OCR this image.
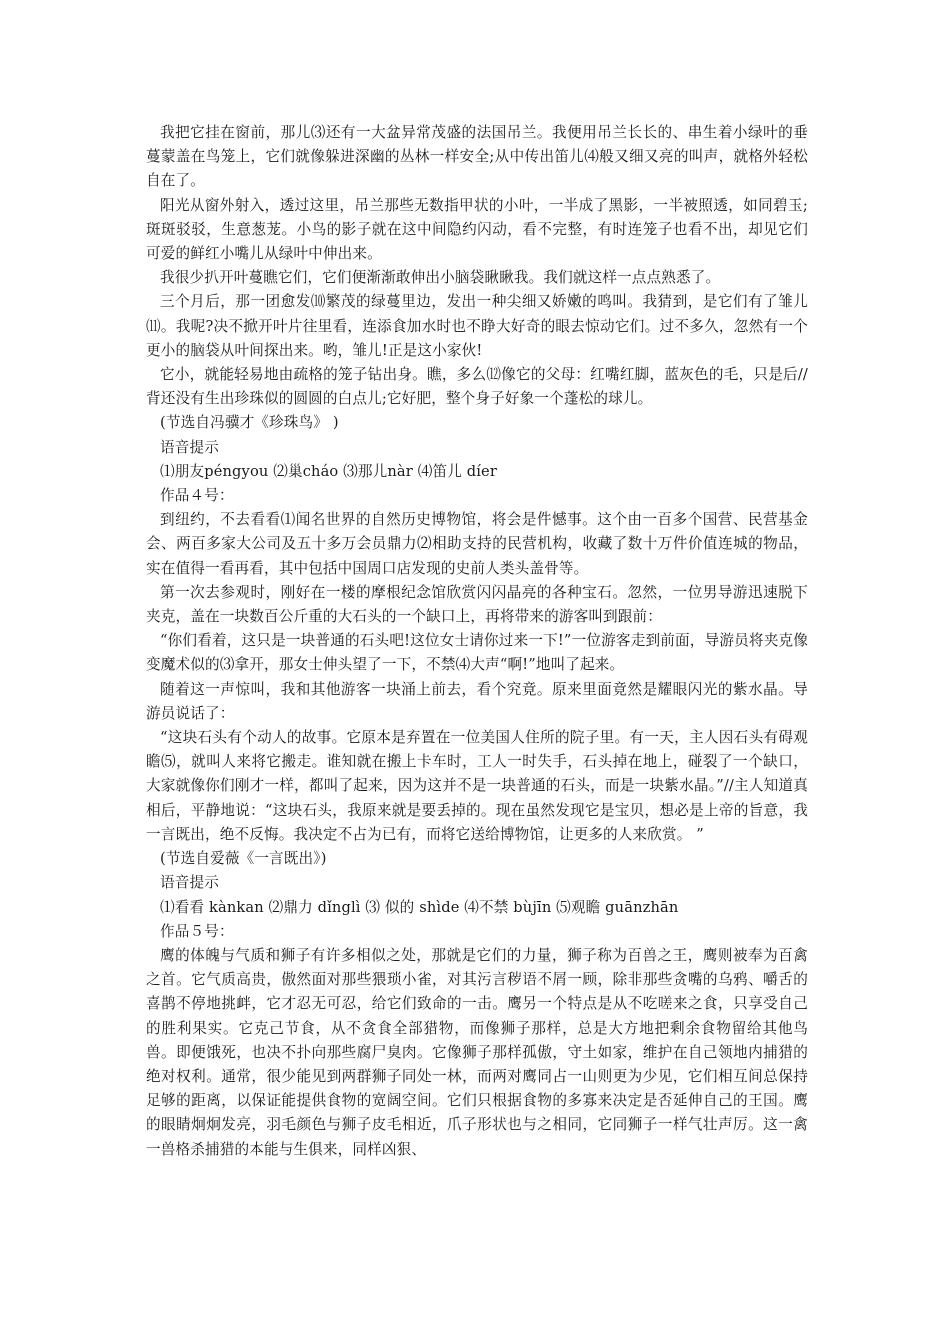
我把它挂在窗前，那儿⑶还有一大盆异常茂盛的法国吊兰。我便用吊兰长长的、串生着小绿叶的垂蔓蒙盖在鸟笼上，它们就像躲进深幽的丛林一样安全;从中传出笛儿⑷般又细又亮的叫声，就格外轻松自在了。

阳光从窗外射入，透过这里，吊兰那些无数指甲状的小叶，一半成了黑影，一半被照透，如同碧玉;斑斑驳驳，生意葱茏。小鸟的影子就在这中间隐约闪动，看不完整，有时连笼子也看不出，却见它们可爱的鲜红小嘴儿从绿叶中伸出来。

我很少扒开叶蔓瞧它们，它们便渐渐敢伸出小脑袋瞅瞅我。我们就这样一点点熟悉了。

三个月后，那一团愈发⑽繁茂的绿蔓里边，发出一种尖细又娇嫩的鸣叫。我猜到，是它们有了雏儿⑾。我呢?决不掀开叶片往里看，连添食加水时也不睁大好奇的眼去惊动它们。过不多久，忽然有一个更小的脑袋从叶间探出来。哟，雏儿!正是这小家伙!

它小，就能轻易地由疏格的笼子钻出身。瞧，多么⑿像它的父母：红嘴红脚，蓝灰色的毛，只是后//背还没有生出珍珠似的圆圆的白点儿;它好肥，整个身子好象一个蓬松的球儿。

(节选自冯骥才《珍珠鸟》 )

语音提示

⑴朋友péngyou ⑵巢cháo ⑶那儿nàr ⑷笛儿 díer

作品４号：

到纽约，不去看看⑴闻名世界的自然历史博物馆，将会是件憾事。这个由一百多个国营、民营基金会、两百多家大公司及五十多万会员鼎力⑵相助支持的民营机构，收藏了数十万件价值连城的物品，实在值得一看再看，其中包括中国周口店发现的史前人类头盖骨等。

第一次去参观时，刚好在一楼的摩根纪念馆欣赏闪闪晶亮的各种宝石。忽然，一位男导游迅速脱下夹克，盖在一块数百公斤重的大石头的一个缺口上，再将带来的游客叫到跟前：

“你们看着，这只是一块普通的石头吧!这位女士请你过来一下!”一位游客走到前面，导游员将夹克像变魔术似的⑶拿开，那女士伸头望了一下，不禁⑷大声“啊!”地叫了起来。

随着这一声惊叫，我和其他游客一块涌上前去，看个究竟。原来里面竟然是耀眼闪光的紫水晶。导游员说话了：

“这块石头有个动人的故事。它原本是弃置在一位美国人住所的院子里。有一天，主人因石头有碍观瞻⑸，就叫人来将它搬走。谁知就在搬上卡车时，工人一时失手，石头掉在地上，碰裂了一个缺口，大家就像你们刚才一样，都叫了起来，因为这并不是一块普通的石头，而是一块紫水晶。”//主人知道真相后，平静地说：“这块石头，我原来就是要丢掉的。现在虽然发现它是宝贝，想必是上帝的旨意，我一言既出，绝不反悔。我决定不占为已有，而将它送给博物馆，让更多的人来欣赏。 ”

(节选自爱薇《一言既出》)

语音提示

⑴看看 kànkan ⑵鼎力 dǐnglì ⑶ 似的 shìde ⑷不禁 bùjīn ⑸观瞻 guānzhān

作品５号：

鹰的体魄与气质和狮子有许多相似之处，那就是它们的力量，狮子称为百兽之王，鹰则被奉为百禽之首。它气质高贵，傲然面对那些猥琐小雀，对其污言秽语不屑一顾，除非那些贪嘴的乌鸦、嚼舌的喜鹊不停地挑衅，它才忍无可忍，给它们致命的一击。鹰另一个特点是从不吃嗟来之食，只享受自己的胜利果实。它克己节食，从不贪食全部猎物，而像狮子那样，总是大方地把剩余食物留给其他鸟兽。即便饿死，也决不扑向那些腐尸臭肉。它像狮子那样孤傲，守土如家，维护在自己领地内捕猎的绝对权利。通常，很少能见到两群狮子同处一林，而两对鹰同占一山则更为少见，它们相互间总保持足够的距离，以保证能提供食物的宽阔空间。它们只根据食物的多寡来决定是否延伸自己的王国。鹰的眼睛炯炯发亮，羽毛颜色与狮子皮毛相近，爪子形状也与之相同，它同狮子一样气壮声厉。这一禽一兽格杀捕猎的本能与生俱来，同样凶狠、
